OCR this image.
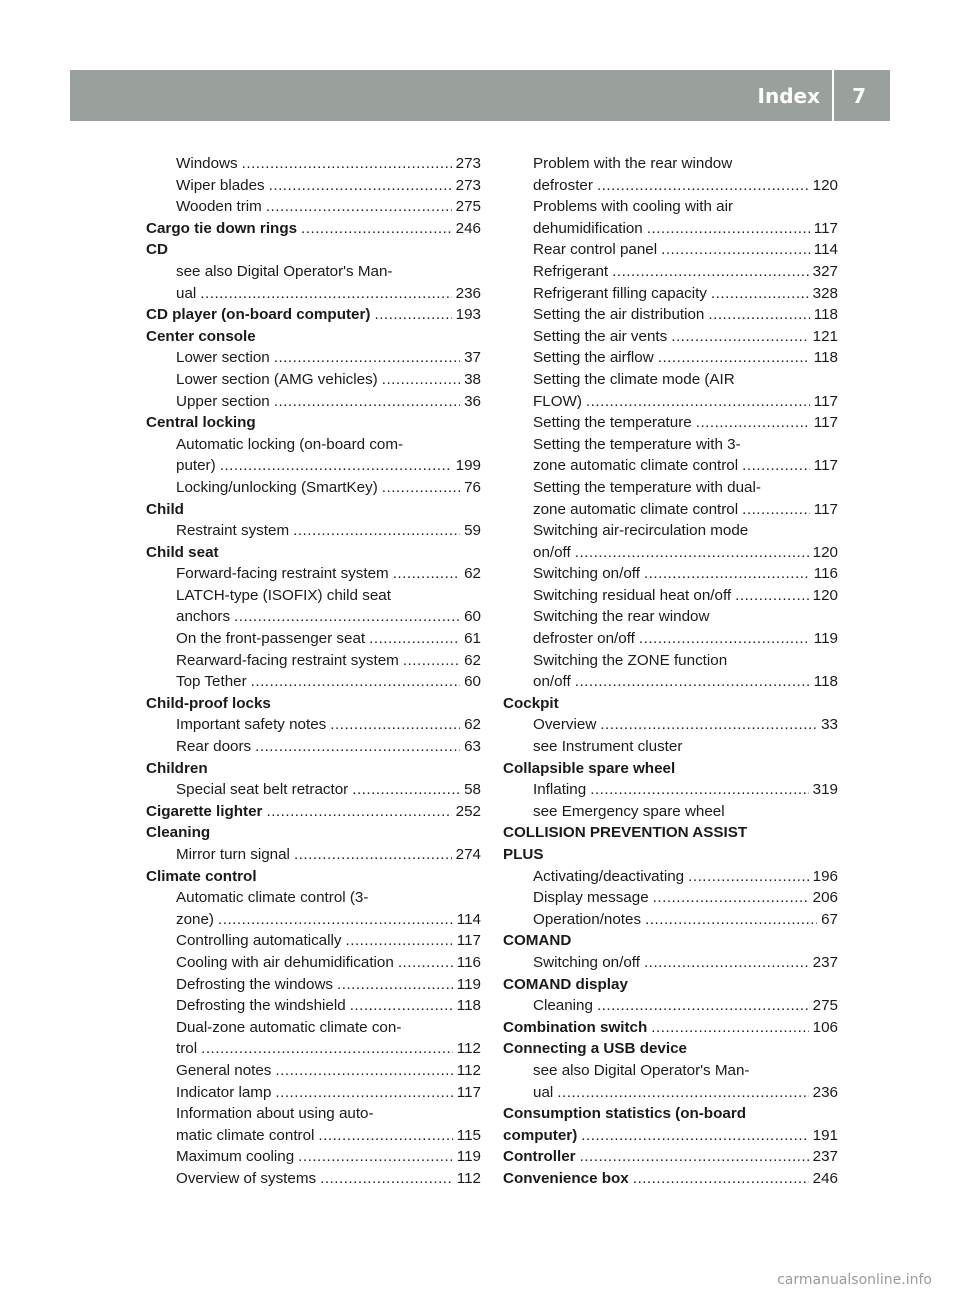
Index 7
Windows .....	273
Wiper blades .....	273
Wooden trim .....	275
Cargo tie down rings .....	246
CD
see also Digital Operator's Man-
ual .....	236
CD player (on-board computer) .....	193
Center console
Lower section .....	37
Lower section (AMG vehicles) .....	38
Upper section .....	36
Central locking
Automatic locking (on-board com-
puter) .....	199
Locking/unlocking (SmartKey) .....	76
Child
Restraint system .....	59
Child seat
Forward-facing restraint system .....	62
LATCH-type (ISOFIX) child seat
anchors .....	60
On the front-passenger seat .....	61
Rearward-facing restraint system .....	62
Top Tether .....	60
Child-proof locks
Important safety notes .....	62
Rear doors .....	63
Children
Special seat belt retractor .....	58
Cigarette lighter .....	252
Cleaning
Mirror turn signal .....	274
Climate control
Automatic climate control (3-
zone) .....	114
Controlling automatically .....	117
Cooling with air dehumidification .....	116
Defrosting the windows .....	119
Defrosting the windshield .....	118
Dual-zone automatic climate con-
trol .....	112
General notes .....	112
Indicator lamp .....	117
Information about using auto-
matic climate control .....	115
Maximum cooling .....	119
Overview of systems .....	112
Problem with the rear window
defroster .....	120
Problems with cooling with air
dehumidification .....	117
Rear control panel .....	114
Refrigerant .....	327
Refrigerant filling capacity .....	328
Setting the air distribution .....	118
Setting the air vents .....	121
Setting the airflow .....	118
Setting the climate mode (AIR
FLOW) .....	117
Setting the temperature .....	117
Setting the temperature with 3-
zone automatic climate control .....	117
Setting the temperature with dual-
zone automatic climate control .....	117
Switching air-recirculation mode
on/off .....	120
Switching on/off .....	116
Switching residual heat on/off .....	120
Switching the rear window
defroster on/off .....	119
Switching the ZONE function
on/off .....	118
Cockpit
Overview .....	33
see Instrument cluster
Collapsible spare wheel
Inflating .....	319
see Emergency spare wheel
COLLISION PREVENTION ASSIST
PLUS
Activating/deactivating .....	196
Display message .....	206
Operation/notes .....	67
COMAND
Switching on/off .....	237
COMAND display
Cleaning .....	275
Combination switch .....	106
Connecting a USB device
see also Digital Operator's Man-
ual .....	236
Consumption statistics (on-board
computer) .....	191
Controller .....	237
Convenience box .....	246
carmanualsonline.info
